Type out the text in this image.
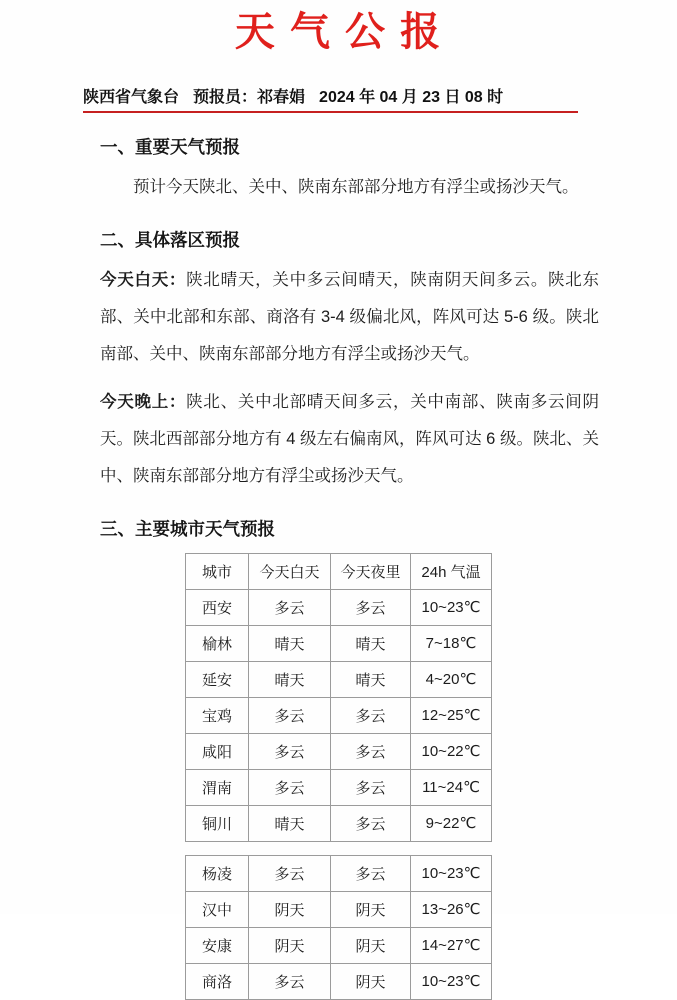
天 气 公 报
陕西省气象台 预报员：祁春娟 2024 年 04 月 23 日 08 时
一、重要天气预报
预计今天陕北、关中、陕南东部部分地方有浮尘或扬沙天气。
二、具体落区预报
今天白天：陕北晴天，关中多云间晴天，陕南阴天间多云。陕北东部、关中北部和东部、商洛有 3-4 级偏北风，阵风可达 5-6 级。陕北南部、关中、陕南东部部分地方有浮尘或扬沙天气。
今天晚上：陕北、关中北部晴天间多云，关中南部、陕南多云间阴天。陕北西部部分地方有 4 级左右偏南风，阵风可达 6 级。陕北、关中、陕南东部部分地方有浮尘或扬沙天气。
三、主要城市天气预报
城市	今天白天	今天夜里	24h 气温
西安	多云	多云	10~23℃
榆林	晴天	晴天	7~18℃
延安	晴天	晴天	4~20℃
宝鸡	多云	多云	12~25℃
咸阳	多云	多云	10~22℃
渭南	多云	多云	11~24℃
铜川	晴天	多云	9~22℃
杨凌	多云	多云	10~23℃
汉中	阴天	阴天	13~26℃
安康	阴天	阴天	14~27℃
商洛	多云	阴天	10~23℃
